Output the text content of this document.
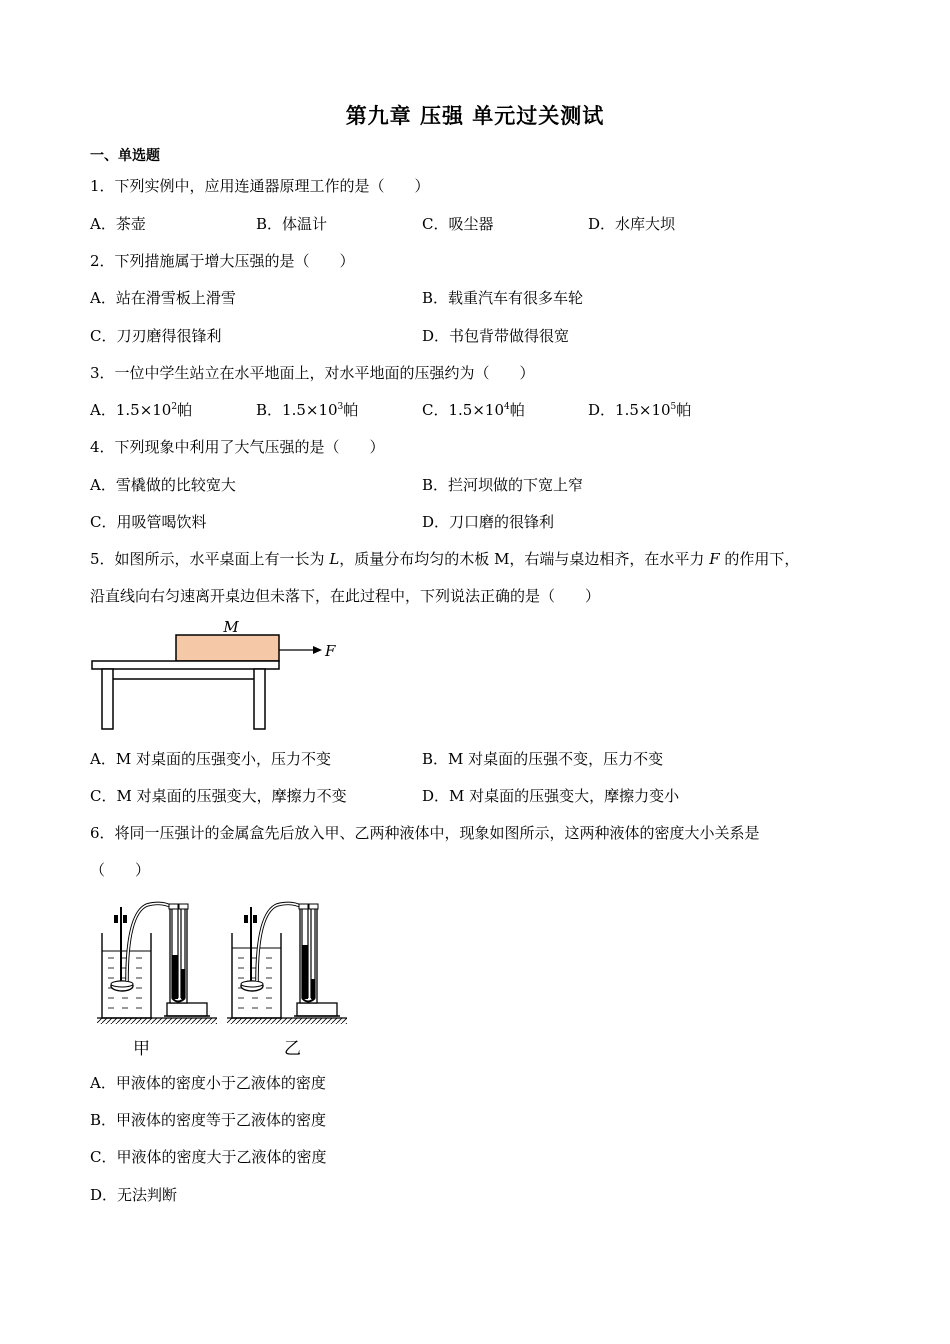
第九章 压强 单元过关测试
一、单选题
1．下列实例中，应用连通器原理工作的是（　　）
A．茶壶	B．体温计	C．吸尘器	D．水库大坝
2．下列措施属于增大压强的是（　　）
A．站在滑雪板上滑雪	B．载重汽车有很多车轮
C．刀刃磨得很锋利	D．书包背带做得很宽
3．一位中学生站立在水平地面上，对水平地面的压强约为（　　）
A．$1.5\times 10^2$帕	B．$1.5\times 10^3$帕	C．$1.5\times 10^4$帕	D．$1.5\times 10^5$帕
4．下列现象中利用了大气压强的是（　　）
A．雪橇做的比较宽大	B．拦河坝做的下宽上窄
C．用吸管喝饮料	D．刀口磨的很锋利
5．如图所示，水平桌面上有一长为 L，质量分布均匀的木板 M，右端与桌边相齐，在水平力 F 的作用下，
沿直线向右匀速离开桌边但未落下，在此过程中，下列说法正确的是（　　）
M
F
A．M 对桌面的压强变小，压力不变	B．M 对桌面的压强不变，压力不变
C．M 对桌面的压强变大，摩擦力不变	D．M 对桌面的压强变大，摩擦力变小
6．将同一压强计的金属盒先后放入甲、乙两种液体中，现象如图所示，这两种液体的密度大小关系是
（　　）
甲	乙
A．甲液体的密度小于乙液体的密度
B．甲液体的密度等于乙液体的密度
C．甲液体的密度大于乙液体的密度
D．无法判断
